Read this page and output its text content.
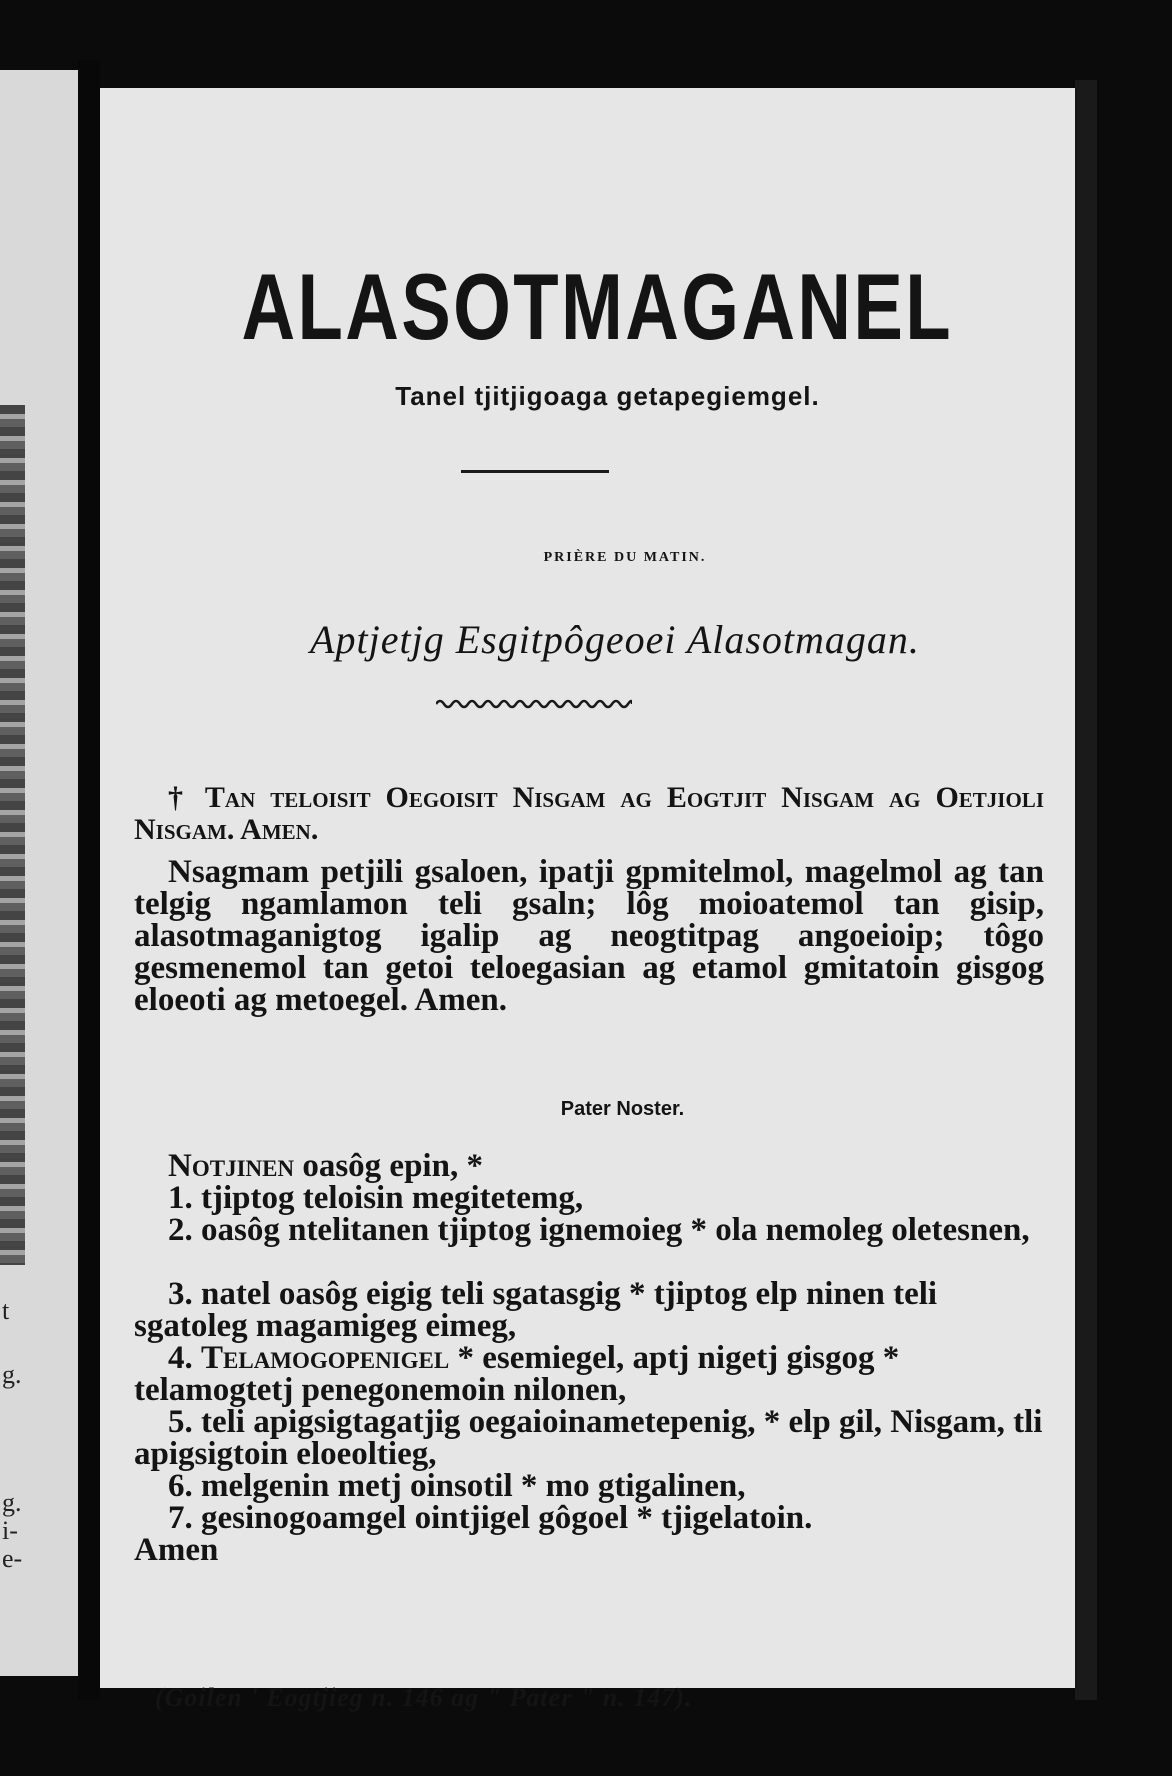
t
g.
g.
i-
e-
ALASOTMAGANEL
Tanel tjitjigoaga getapegiemgel.
PRIÈRE DU MATIN.
Aptjetjg Esgitpôgeoei Alasotmagan.

† Tan teloisit Oegoisit Nisgam ag Eogtjit Nisgam ag Oetjioli Nisgam. Amen.

Nsagmam petjili gsaloen, ipatji gpmitelmol, magelmol ag tan telgig ngamlamon teli gsaln; lôg moioatemol tan gisip, alasotmaganigtog igalip ag neogtitpag angoeioip; tôgo gesmenemol tan getoi teloegasian ag etamol gmitatoin gisgog eloeoti ag metoegel. Amen.

Pater Noster.

Notjinen oasôg epin, *

1. tjiptog teloisin megitetemg,

2. oasôg ntelitanen tjiptog ignemoieg * ola nemoleg oletesnen,

3. natel oasôg eigig teli sgatasgig * tjiptog elp ninen teli sgatoleg magamigeg eimeg,

4. Telamogopenigel * esemiegel, aptj nigetj gisgog * telamogtetj penegonemoin nilonen,

5. teli apigsigtagatjig oegaioinametepenig, * elp gil, Nisgam, tli apigsigtoin eloeoltieg,

6. melgenin metj oinsotil * mo gtigalinen,

7. gesinogoamgel ointjigel gôgoel * tjigelatoin.

Amen

(Goilen ' Eogtjieg n. 146 ag " Pater " n. 147).
